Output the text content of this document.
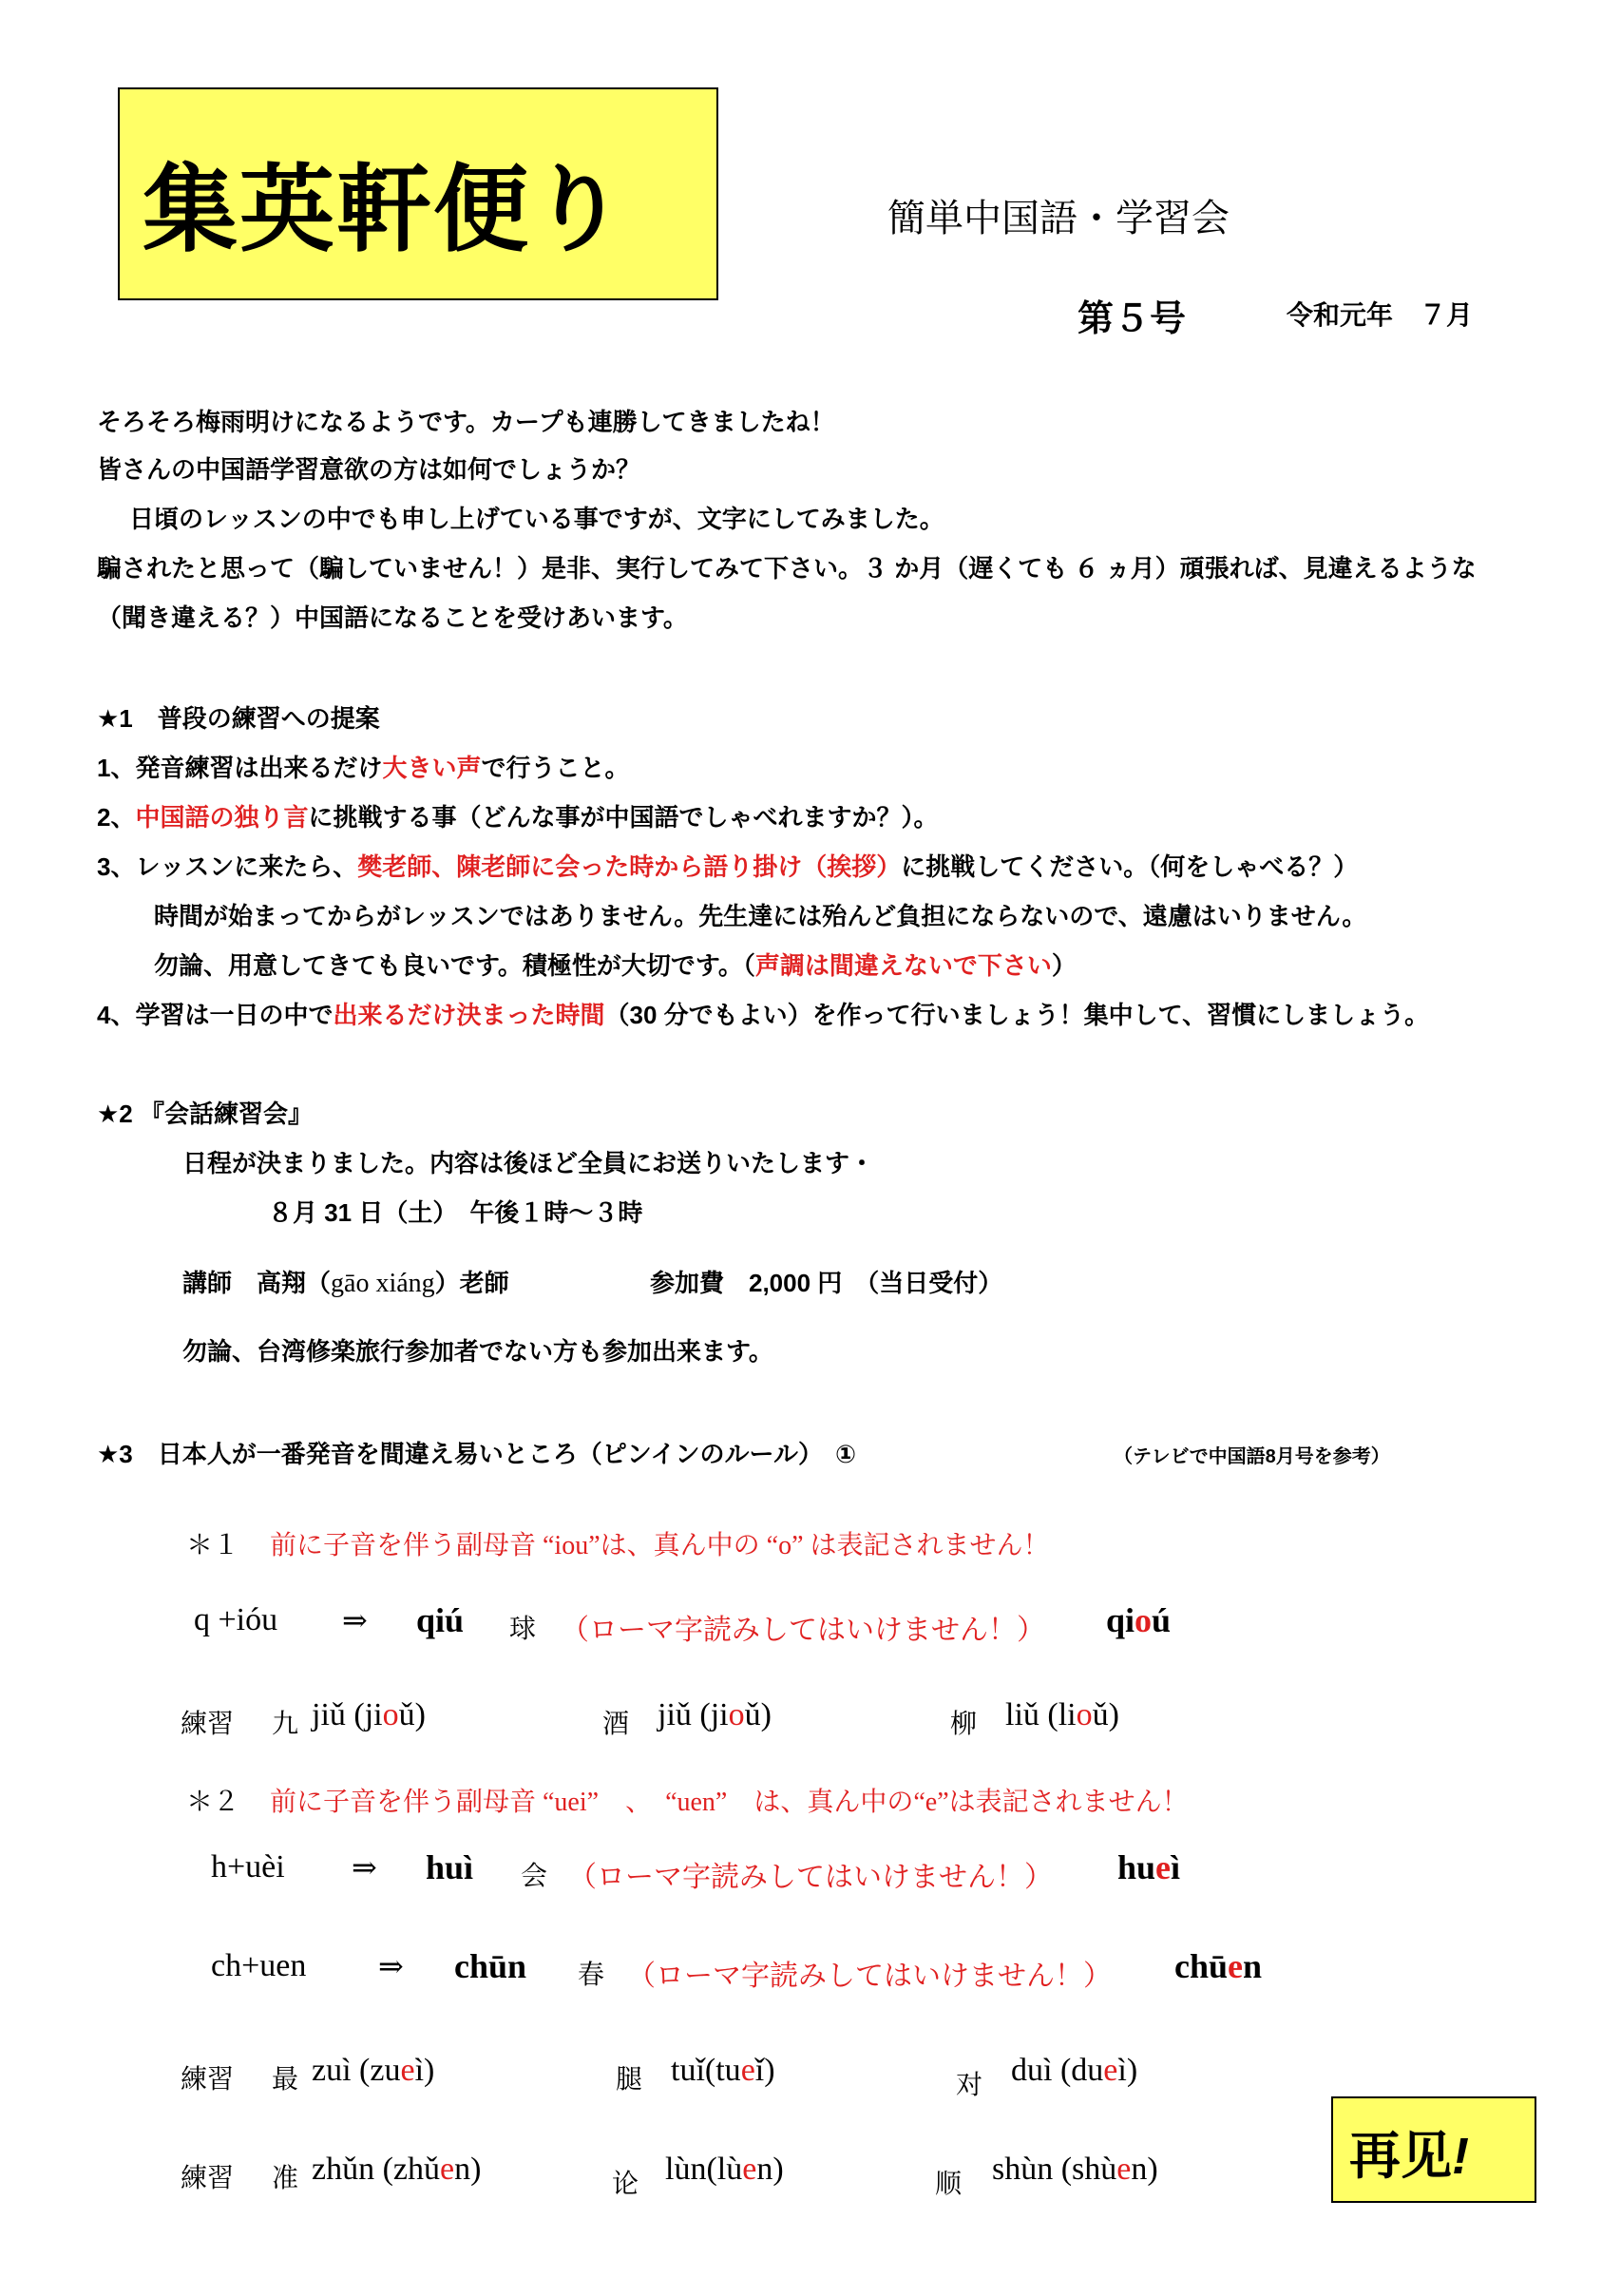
集英軒便り	簡単中国語・学習会
第５号	令和元年　７月
そろそろ梅雨明けになるようです。カープも連勝してきましたね！
皆さんの中国語学習意欲の方は如何でしょうか？
日頃のレッスンの中でも申し上げている事ですが、文字にしてみました。
騙されたと思って（騙していません！）是非、実行してみて下さい。３ か月（遅くても ６ ヵ月）頑張れば、見違えるような
（聞き違える？）中国語になることを受けあいます。
★1　普段の練習への提案
1、発音練習は出来るだけ大きい声で行うこと。
2、中国語の独り言に挑戦する事（どんな事が中国語でしゃべれますか？）。
3、レッスンに来たら、樊老師、陳老師に会った時から語り掛け（挨拶）に挑戦してください。（何をしゃべる？）
時間が始まってからがレッスンではありません。先生達には殆んど負担にならないので、遠慮はいりません。
勿論、用意してきても良いです。積極性が大切です。（声調は間違えないで下さい）
4、学習は一日の中で出来るだけ決まった時間（30 分でもよい）を作って行いましょう！集中して、習慣にしましょう。
★2 『会話練習会』
日程が決まりました。内容は後ほど全員にお送りいたします・
８月 31 日（土）　午後１時～３時
講師　高翔（gāo xiáng）老師	参加費　2,000 円　（当日受付）
勿論、台湾修楽旅行参加者でない方も参加出来ます。
★3　日本人が一番発音を間違え易いところ（ピンインのルール）　①	（テレビで中国語8月号を参考）
＊１ 前に子音を伴う副母音 “iou”は、真ん中の “o” は表記されません！
q +ióu ⇒ qiú 球 （ローマ字読みしてはいけません！） qioú
練習 九 jiǔ (jioǔ)	酒 jiǔ (jioǔ)	柳 liǔ (lioǔ)
＊２ 前に子音を伴う副母音 “uei”　、　“uen”　は、真ん中の“e”は表記されません！
h+uèi ⇒ huì 会 （ローマ字読みしてはいけません！） hueì
ch+uen ⇒ chūn 春 （ローマ字読みしてはいけません！） chūen
練習 最 zuì (zueì)	腿 tuǐ(tueǐ)	对 duì (dueì)
練習 准 zhǔn (zhǔen)	论 lùn(lùen)	顺 shùn (shùen)	再见!
